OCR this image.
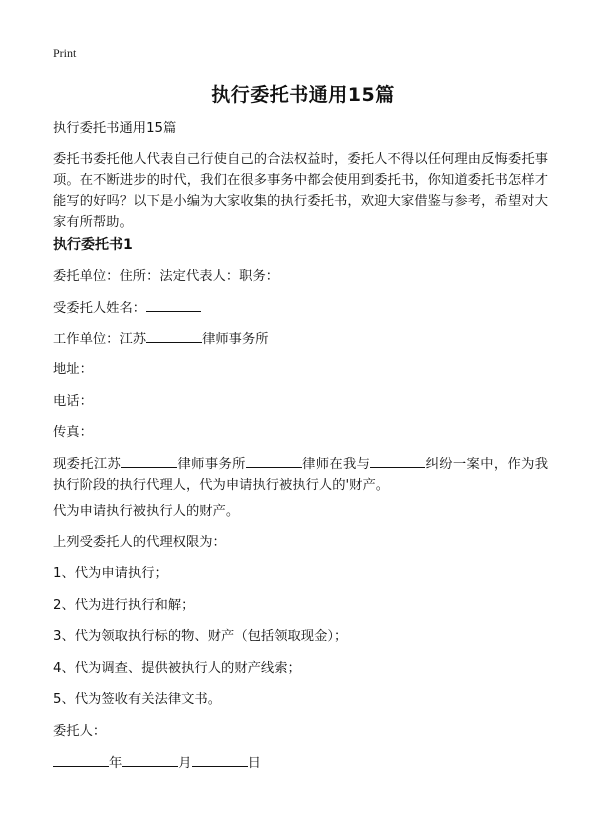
Print
执行委托书通用15篇

执行委托书通用15篇

委托书委托他人代表自己行使自己的合法权益时，委托人不得以任何理由反悔委托事项。在不断进步的时代，我们在很多事务中都会使用到委托书，你知道委托书怎样才能写的好吗？以下是小编为大家收集的执行委托书，欢迎大家借鉴与参考，希望对大家有所帮助。

执行委托书1

委托单位：住所：法定代表人：职务：

受委托人姓名：

工作单位：江苏	律师事务所

地址：

电话：

传真：

现委托江苏	律师事务所	律师在我与	纠纷一案中，作为我执行阶段的执行代理人，代为申请执行被执行人的'财产。

代为申请执行被执行人的财产。

上列受委托人的代理权限为：

1、代为申请执行；

2、代为进行执行和解；

3、代为领取执行标的物、财产（包括领取现金）；

4、代为调查、提供被执行人的财产线索；

5、代为签收有关法律文书。

委托人：

年	月	日
